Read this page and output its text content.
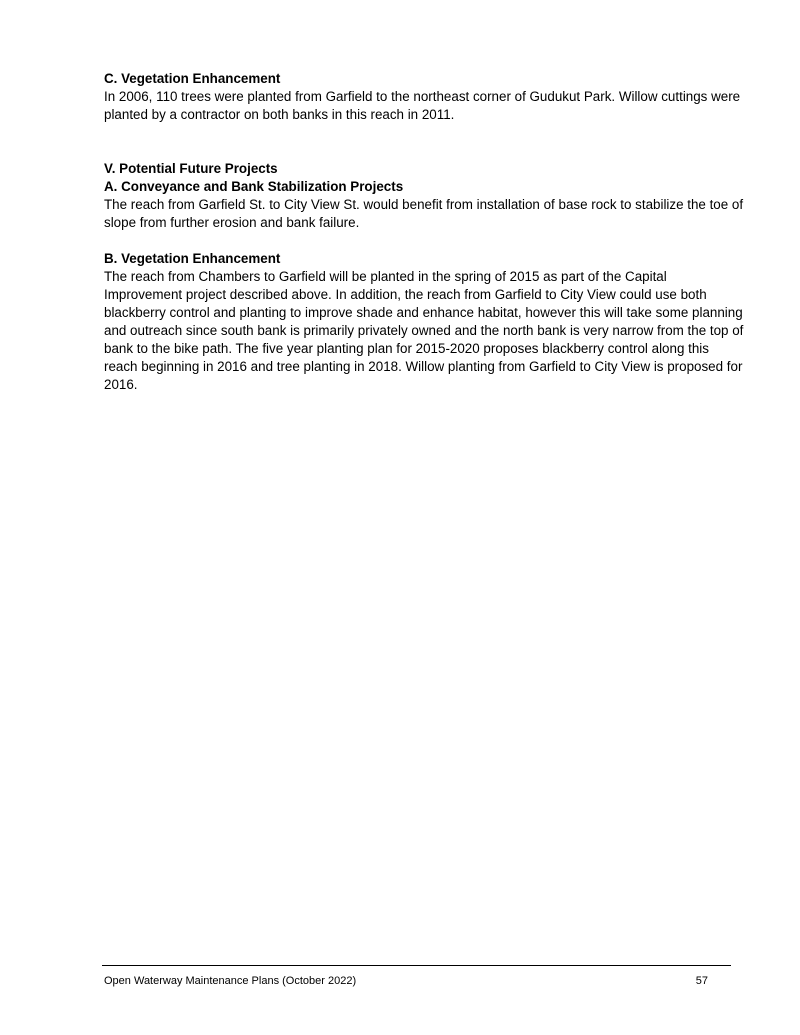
C. Vegetation Enhancement

In 2006, 110 trees were planted from Garfield to the northeast corner of Gudukut Park. Willow cuttings were planted by a contractor on both banks in this reach in 2011.

V. Potential Future Projects

A. Conveyance and Bank Stabilization Projects

The reach from Garfield St. to City View St. would benefit from installation of base rock to stabilize the toe of slope from further erosion and bank failure.

B. Vegetation Enhancement

The reach from Chambers to Garfield will be planted in the spring of 2015 as part of the Capital Improvement project described above. In addition, the reach from Garfield to City View could use both blackberry control and planting to improve shade and enhance habitat, however this will take some planning and outreach since south bank is primarily privately owned and the north bank is very narrow from the top of bank to the bike path. The five year planting plan for 2015-2020 proposes blackberry control along this reach beginning in 2016 and tree planting in 2018. Willow planting from Garfield to City View is proposed for 2016.

Open Waterway Maintenance Plans (October 2022)	57
